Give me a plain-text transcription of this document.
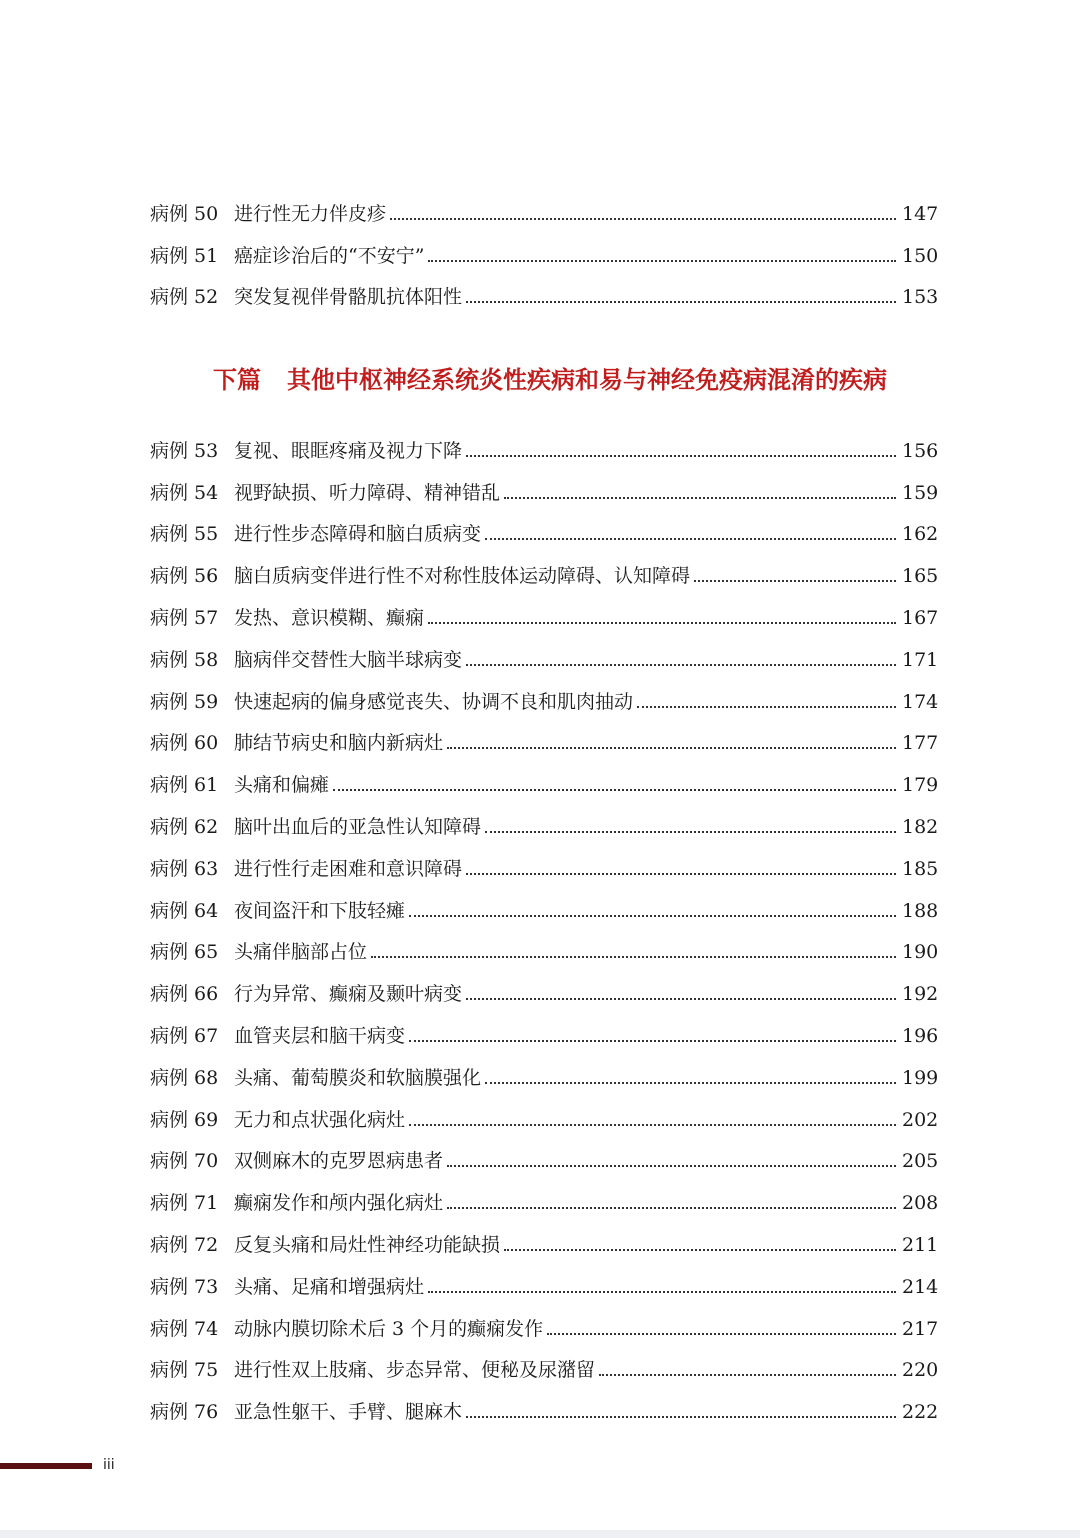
病例 50 进行性无力伴皮疹	147
病例 51 癌症诊治后的“不安宁”	150
病例 52 突发复视伴骨骼肌抗体阳性	153
下篇 其他中枢神经系统炎性疾病和易与神经免疫病混淆的疾病
病例 53 复视、眼眶疼痛及视力下降	156
病例 54 视野缺损、听力障碍、精神错乱	159
病例 55 进行性步态障碍和脑白质病变	162
病例 56 脑白质病变伴进行性不对称性肢体运动障碍、认知障碍	165
病例 57 发热、意识模糊、癫痫	167
病例 58 脑病伴交替性大脑半球病变	171
病例 59 快速起病的偏身感觉丧失、协调不良和肌肉抽动	174
病例 60 肺结节病史和脑内新病灶	177
病例 61 头痛和偏瘫	179
病例 62 脑叶出血后的亚急性认知障碍	182
病例 63 进行性行走困难和意识障碍	185
病例 64 夜间盗汗和下肢轻瘫	188
病例 65 头痛伴脑部占位	190
病例 66 行为异常、癫痫及颞叶病变	192
病例 67 血管夹层和脑干病变	196
病例 68 头痛、葡萄膜炎和软脑膜强化	199
病例 69 无力和点状强化病灶	202
病例 70 双侧麻木的克罗恩病患者	205
病例 71 癫痫发作和颅内强化病灶	208
病例 72 反复头痛和局灶性神经功能缺损	211
病例 73 头痛、足痛和增强病灶	214
病例 74 动脉内膜切除术后 3 个月的癫痫发作	217
病例 75 进行性双上肢痛、步态异常、便秘及尿潴留	220
病例 76 亚急性躯干、手臂、腿麻木	222
iii
